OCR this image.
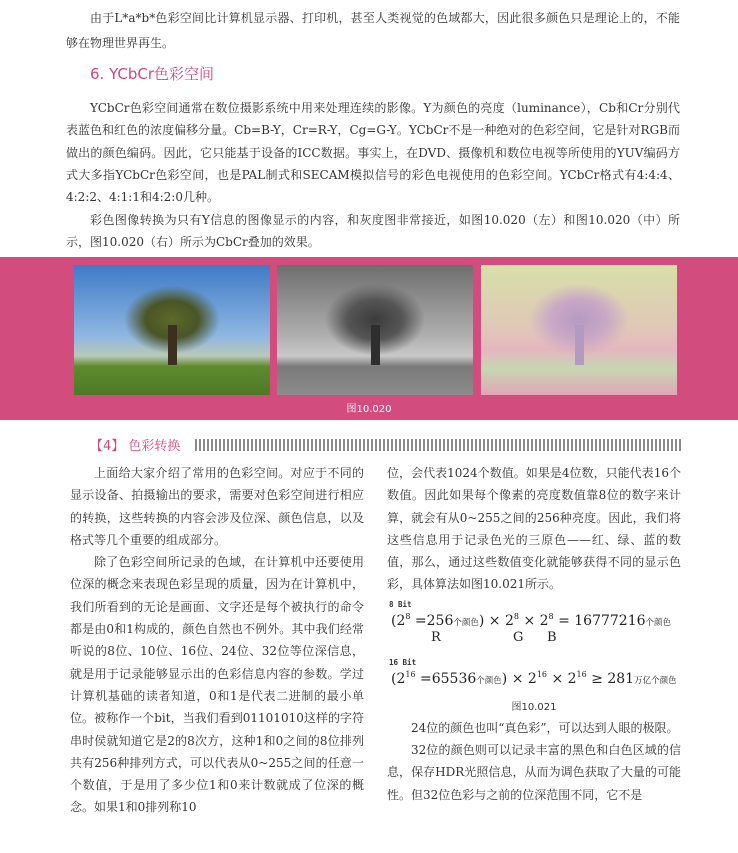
由于L*a*b*色彩空间比计算机显示器、打印机，甚至人类视觉的色域都大，因此很多颜色只是理论上的，不能够在物理世界再生。

6. YCbCr色彩空间

YCbCr色彩空间通常在数位摄影系统中用来处理连续的影像。Y为颜色的亮度（luminance），Cb和Cr分别代表蓝色和红色的浓度偏移分量。Cb=B-Y，Cr=R-Y，Cg=G-Y。YCbCr不是一种绝对的色彩空间，它是针对RGB而做出的颜色编码。因此，它只能基于设备的ICC数据。事实上，在DVD、摄像机和数位电视等所使用的YUV编码方式大多指YCbCr色彩空间，也是PAL制式和SECAM模拟信号的彩色电视使用的色彩空间。YCbCr格式有4:4:4、4:2:2、4:1:1和4:2:0几种。

彩色图像转换为只有Y信息的图像显示的内容，和灰度图非常接近，如图10.020（左）和图10.020（中）所示，图10.020（右）所示为CbCr叠加的效果。

图10.020
【4】 色彩转换

上面给大家介绍了常用的色彩空间。对应于不同的显示设备、拍摄输出的要求，需要对色彩空间进行相应的转换，这些转换的内容会涉及位深、颜色信息，以及格式等几个重要的组成部分。

除了色彩空间所记录的色域，在计算机中还要使用位深的概念来表现色彩呈现的质量，因为在计算机中，我们所看到的无论是画面、文字还是每个被执行的命令都是由0和1构成的，颜色自然也不例外。其中我们经常听说的8位、10位、16位、24位、32位等位深信息，就是用于记录能够显示出的色彩信息内容的参数。学过计算机基础的读者知道，0和1是代表二进制的最小单位。被称作一个bit，当我们看到01101010这样的字符串时侯就知道它是2的8次方，这种1和0之间的8位排列共有256种排列方式，可以代表从0~255之间的任意一个数值，于是用了多少位1和0来计数就成了位深的概念。如果1和0排列称10

位，会代表1024个数值。如果是4位数，只能代表16个数值。因此如果每个像素的亮度数值靠8位的数字来计算，就会有从0~255之间的256种亮度。因此，我们将这些信息用于记录色光的三原色——红、绿、蓝的数值，那么，通过这些数值变化就能够获得不同的显示色彩，具体算法如图10.021所示。

8 Bit
($2^8 =256$个颜色) × $2^8 \times 2^8 = 16777216$个颜色
R	G B
16 Bit
($2^{16} =65536$个颜色) × $2^{16} \times 2^{16} \ge 281$万亿个颜色

图10.021

24位的颜色也叫“真色彩”，可以达到人眼的极限。

32位的颜色则可以记录丰富的黑色和白色区域的信息，保存HDR光照信息，从而为调色获取了大量的可能性。但32位色彩与之前的位深范围不同，它不是
